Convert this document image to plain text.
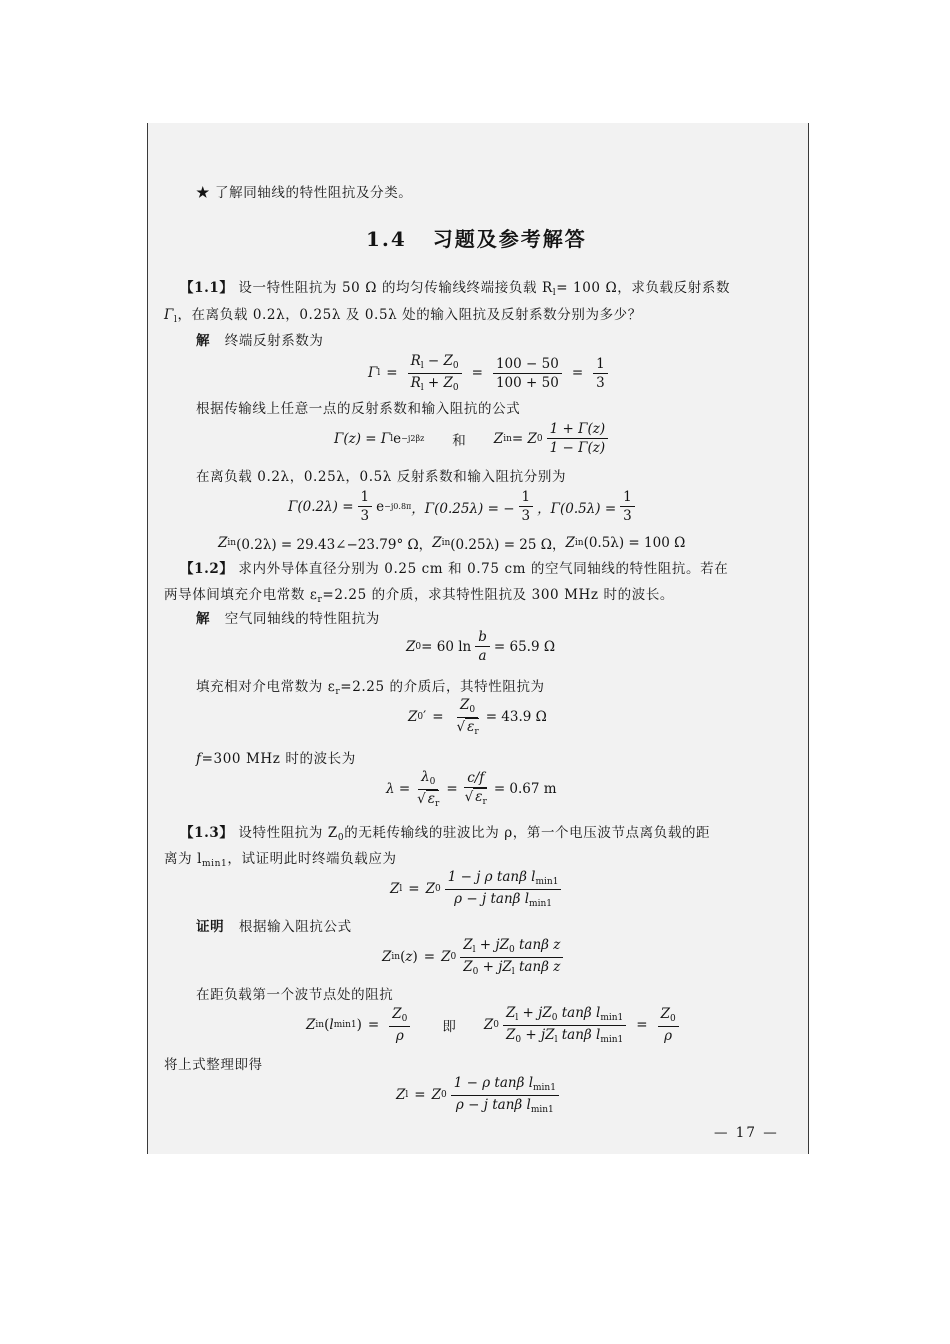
★ 了解同轴线的特性阻抗及分类。
1.4 习题及参考解答
【1.1】 设一特性阻抗为 50 Ω 的均匀传输线终端接负载 $R_l= 100$ Ω，求负载反射系数
$\Gamma_l$，在离负载 0.2λ，0.25λ 及 0.5λ 处的输入阻抗及反射系数分别为多少？
解 终端反射系数为
Γ $l = \frac{R_l - Z_0}{R_l + Z_0} = \frac{100 - 50}{100 + 50} = \frac{1}{3}$
根据传输线上任意一点的反射系数和输入阻抗的公式
Γ(z) = Γ l e −j2βz 和 Z in = Z $0 \frac{1 + \Gamma(z)}{1 - \Gamma(z)}$
在离负载 0.2λ，0.25λ，0.5λ 反射系数和输入阻抗分别为
$\Gamma(0.2\lambda) = \frac{1}{3}$ e −j0.8π ，Γ(0.25λ) = − $\frac{1}{3}$ ，$\Gamma(0.5\lambda) = \frac{1}{3}$
Z in (0.2λ) = 29.43∠−23.79° Ω， Z in (0.25λ) = 25 Ω， Z in (0.5λ) = 100 Ω
【1.2】 求内外导体直径分别为 0.25 cm 和 0.75 cm 的空气同轴线的特性阻抗。若在
两导体间填充介电常数 $\varepsilon_r=2.25$ 的介质，求其特性阻抗及 300 MHz 时的波长。
解 空气同轴线的特性阻抗为
Z 0 = 60 $\ln \frac{b}{a} = 65.9$ Ω
填充相对介电常数为 $\varepsilon_r=2.25$ 的介质后，其特性阻抗为
Z 0 ′ = $\frac{Z_0}{√ \varepsilon_r} = 43.9$ Ω
f=300 MHz 时的波长为
$\lambda = \frac{\lambda_0}{√ \varepsilon_r} = \frac{c/f}{√ \varepsilon_r} = 0.67$ m
【1.3】 设特性阻抗为 $Z_0$的无耗传输线的驻波比为 ρ，第一个电压波节点离负载的距
离为 $l_{min1}$，试证明此时终端负载应为
Z l = Z $0 \frac{1 - j \rho \tan\beta l_{min1}}{\rho - j \tan\beta l_{min1}}$
证明 根据输入阻抗公式
Z in ( z ) = Z $0 \frac{Z_l + jZ_0 \tan\beta z}{Z_0 + jZ_l \tan\beta z}$
在距负载第一个波节点处的阻抗
Z in ( l min1 ) = $\frac{Z_0}{\rho}$ 即 Z $0 \frac{Z_l + jZ_0 \tan\beta l_{min1}}{Z_0 + jZ_l \tan\beta l_{min1}} = \frac{Z_0}{\rho}$
将上式整理即得
Z l = Z $0 \frac{1 - \rho \tan\beta l_{min1}}{\rho - j \tan\beta l_{min1}}$
— 17 —
